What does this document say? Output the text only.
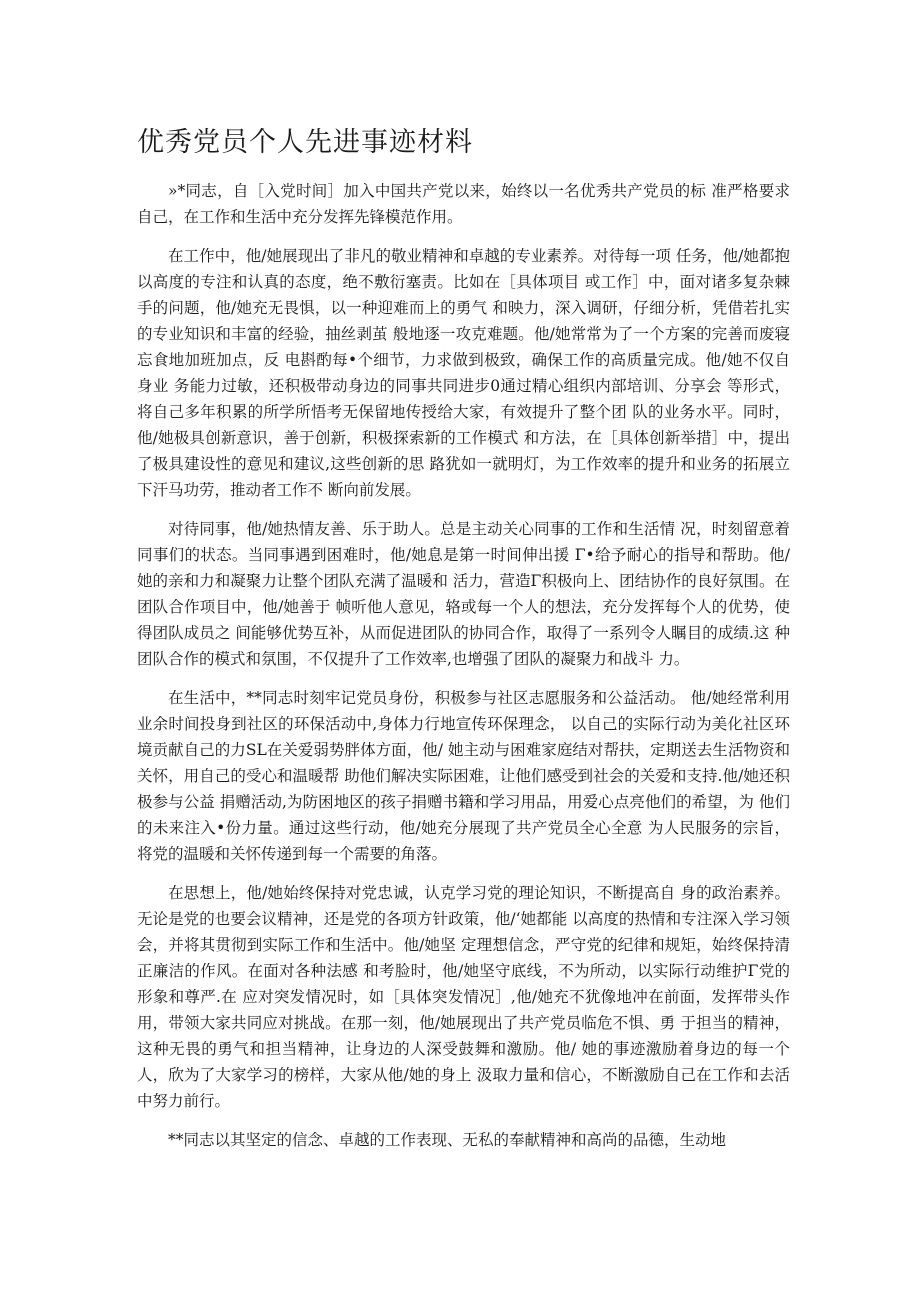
优秀党员个人先进事迹材料

»*同志，自［入党时间］加入中国共产党以来，始终以一名优秀共产党员的标 准严格要求自己，在工作和生活中充分发挥先锋模范作用。

在工作中，他/她展现出了非凡的敬业精神和卓越的专业素养。对待每一项 任务，他/她都抱以高度的专注和认真的态度，绝不敷衍塞责。比如在［具体项目 或工作］中，面对诸多复杂棘手的问题，他/她充无畏惧，以一种迎难而上的勇气 和映力，深入调研，仔细分析，凭借若扎实的专业知识和丰富的经验，抽丝剥茧 般地逐一攻克难题。他/她常常为了一个方案的完善而废寝忘食地加班加点，反 电斟酌每•个细节，力求做到极致，确保工作的高质量完成。他/她不仅自身业 务能力过敏，还积极带动身边的同事共同进步0通过精心组织内部培训、分享会 等形式，将自己多年积累的所学所悟考无保留地传授给大家，有效提升了整个团 队的业务水平。同时，他/她极具创新意识，善于创新，积极探索新的工作模式 和方法，在［具体创新举措］中，提出了极具建设性的意见和建议,这些创新的思 路犹如一就明灯，为工作效率的提升和业务的拓展立下汗马功劳，推动者工作不 断向前发展。

对待同事，他/她热情友善、乐于助人。总是主动关心同事的工作和生活情 况，时刻留意着同事们的状态。当同事遇到困难时，他/她息是第一时间伸出援 Γ•给予耐心的指导和帮助。他/她的亲和力和凝聚力让整个团队充满了温暖和 活力，营造Γ积极向上、团结协作的良好氛围。在团队合作项目中，他/她善于 帧听他人意见，辂或每一个人的想法，充分发挥每个人的优势，使得团队成员之 间能够优势互补，从而促进团队的协同合作，取得了一系列令人瞩目的成绩.这 种团队合作的模式和氛围，不仅提升了工作效率,也增强了团队的凝聚力和战斗 力。

在生活中，**同志时刻牢记党员身份，积极参与社区志愿服务和公益活动。 他/她经常利用业余时间投身到社区的环保活动中,身体力行地宣传环保理念， 以自己的实际行动为美化社区环境贡献自己的力SL在关爱弱势胖体方面，他/ 她主动与困难家庭结对帮扶，定期送去生活物资和关怀，用自己的受心和温暖帮 助他们解决实际困难，让他们感受到社会的关爱和支持.他/她还积极参与公益 捐赠活动,为防困地区的孩子捐赠书籍和学习用品，用爱心点亮他们的希望，为 他们的未来注入•份力量。通过这些行动，他/她充分展现了共产党员全心全意 为人民服务的宗旨，将党的温暖和关怀传递到每一个需要的角落。

在思想上，他/她始终保持对党忠诚，认克学习党的理论知识，不断提高自 身的政治素养。无论是党的也要会议精神，还是党的各项方针政策，他/‘她都能 以高度的热情和专注深入学习领会，并将其贯彻到实际工作和生活中。他/她坚 定理想信念，严守党的纪律和规矩，始终保持清正廉洁的作风。在面对各种法感 和考脸时，他/她坚守底线，不为所动，以实际行动维护Γ党的形象和尊严.在 应对突发情况时，如［具体突发情况］,他/她充不犹像地冲在前面，发挥带头作 用，带领大家共同应对挑战。在那一刻，他/她展现出了共产党员临危不惧、勇 于担当的精神，这种无畏的勇气和担当精神，让身边的人深受鼓舞和激励。他/ 她的事迹激励着身边的每一个人，欣为了大家学习的榜样，大家从他/她的身上 汲取力量和信心，不断激励自己在工作和去活中努力前行。

**同志以其坚定的信念、卓越的工作表现、无私的奉献精神和高尚的品德，生动地
